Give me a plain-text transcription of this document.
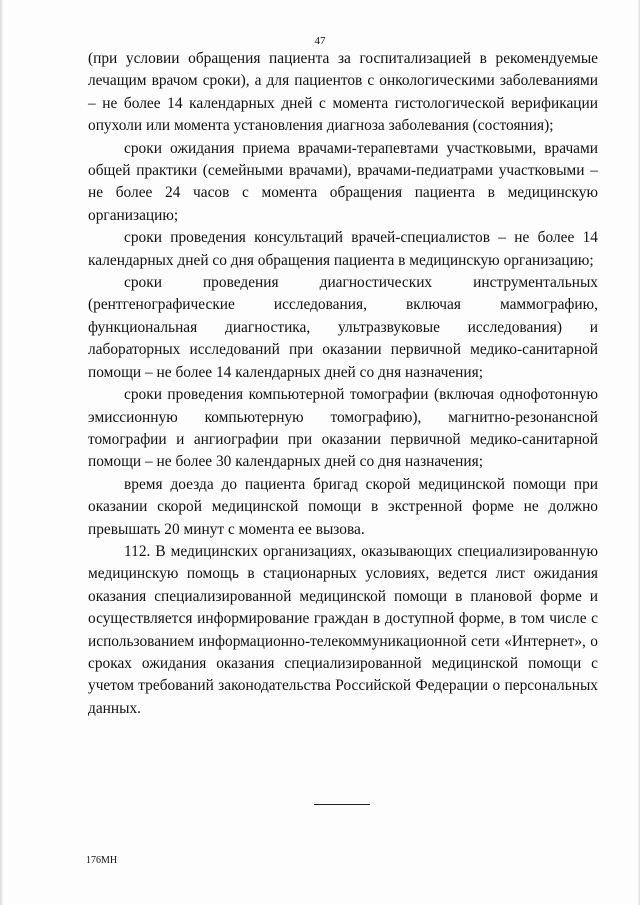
47

(при условии обращения пациента за госпитализацией в рекомендуемые лечащим врачом сроки), а для пациентов с онкологическими заболеваниями – не более 14 календарных дней с момента гистологической верификации опухоли или момента установления диагноза заболевания (состояния);

сроки ожидания приема врачами-терапевтами участковыми, врачами общей практики (семейными врачами), врачами-педиатрами участковыми – не более 24 часов с момента обращения пациента в медицинскую организацию;

сроки проведения консультаций врачей-специалистов – не более 14 календарных дней со дня обращения пациента в медицинскую организацию;

сроки проведения диагностических инструментальных (рентгенографические исследования, включая маммографию, функциональная диагностика, ультразвуковые исследования) и лабораторных исследований при оказании первичной медико-санитарной помощи – не более 14 календарных дней со дня назначения;

сроки проведения компьютерной томографии (включая однофотонную эмиссионную компьютерную томографию), магнитно-резонансной томографии и ангиографии при оказании первичной медико-санитарной помощи – не более 30 календарных дней со дня назначения;

время доезда до пациента бригад скорой медицинской помощи при оказании скорой медицинской помощи в экстренной форме не должно превышать 20 минут с момента ее вызова.

112. В медицинских организациях, оказывающих специализированную медицинскую помощь в стационарных условиях, ведется лист ожидания оказания специализированной медицинской помощи в плановой форме и осуществляется информирование граждан в доступной форме, в том числе с использованием информационно-телекоммуникационной сети «Интернет», о сроках ожидания оказания специализированной медицинской помощи с учетом требований законодательства Российской Федерации о персональных данных.

176МН
